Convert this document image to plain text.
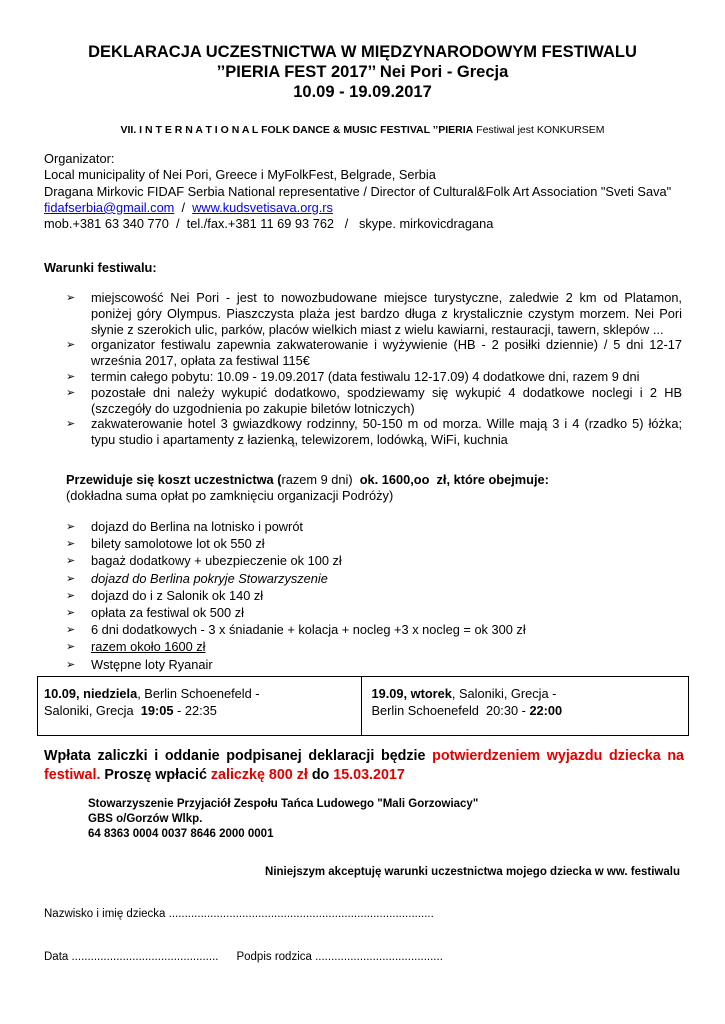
DEKLARACJA UCZESTNICTWA W MIĘDZYNARODOWYM FESTIWALU
’’PIERIA FEST 2017’’ Nei Pori - Grecja
10.09 - 19.09.2017
VII. I N T E R N A T I O N A L FOLK DANCE & MUSIC FESTIVAL ’’PIERIA Festiwal jest KONKURSEM
Organizator:
Local municipality of Nei Pori, Greece i MyFolkFest, Belgrade, Serbia
Dragana Mirkovic FIDAF Serbia National representative / Director of Cultural&Folk Art Association "Sveti Sava"
fidafserbia@gmail.com  /  www.kudsvetisava.org.rs
mob.+381 63 340 770  /  tel./fax.+381 11 69 93 762   /   skype. mirkovicdragana
Warunki festiwalu:
➢ miejscowość Nei Pori - jest to nowozbudowane miejsce turystyczne, zaledwie 2 km od Platamon, poniżej góry Olympus. Piaszczysta plaża jest bardzo długa z krystalicznie czystym morzem. Nei Pori słynie z szerokich ulic, parków, placów wielkich miast z wielu kawiarni, restauracji, tawern, sklepów ...
➢ organizator festiwalu zapewnia zakwaterowanie i wyżywienie (HB - 2 posiłki dziennie) / 5 dni 12-17 września 2017, opłata za festiwal 115€
➢ termin całego pobytu: 10.09 - 19.09.2017 (data festiwalu 12-17.09) 4 dodatkowe dni, razem 9 dni
➢ pozostałe dni należy wykupić dodatkowo, spodziewamy się wykupić 4 dodatkowe noclegi i 2 HB (szczegóły do uzgodnienia po zakupie biletów lotniczych)
➢ zakwaterowanie hotel 3 gwiazdkowy rodzinny, 50-150 m od morza. Wille mają 3 i 4 (rzadko 5) łóżka; typu studio i apartamenty z łazienką, telewizorem, lodówką, WiFi, kuchnia
Przewiduje się koszt uczestnictwa (razem 9 dni)  ok. 1600,oo  zł, które obejmuje:
(dokładna suma opłat po zamknięciu organizacji Podróży)
➢ dojazd do Berlina na lotnisko i powrót
➢ bilety samolotowe lot ok 550 zł
➢ bagaż dodatkowy + ubezpieczenie ok 100 zł
➢ dojazd do Berlina pokryje Stowarzyszenie
➢ dojazd do i z Salonik ok 140 zł
➢ opłata za festiwal ok 500 zł
➢ 6 dni dodatkowych - 3 x śniadanie + kolacja + nocleg +3 x nocleg = ok 300 zł
➢ razem około 1600 zł
➢ Wstępne loty Ryanair
10.09, niedziela, Berlin Schoenefeld -
Saloniki, Grecja  19:05 - 22:35
19.09, wtorek, Saloniki, Grecja -
Berlin Schoenefeld  20:30 - 22:00
Wpłata zaliczki i oddanie podpisanej deklaracji będzie potwierdzeniem wyjazdu dziecka na festiwal. Proszę wpłacić zaliczkę 800 zł do 15.03.2017
Stowarzyszenie Przyjaciół Zespołu Tańca Ludowego "Mali Gorzowiacy"
GBS o/Gorzów Wlkp.
64 8363 0004 0037 8646 2000 0001
Niniejszym akceptuję warunki uczestnictwa mojego dziecka w ww. festiwalu
Nazwisko i imię dziecka ...................................................................................
Data .............................................. Podpis rodzica ........................................
